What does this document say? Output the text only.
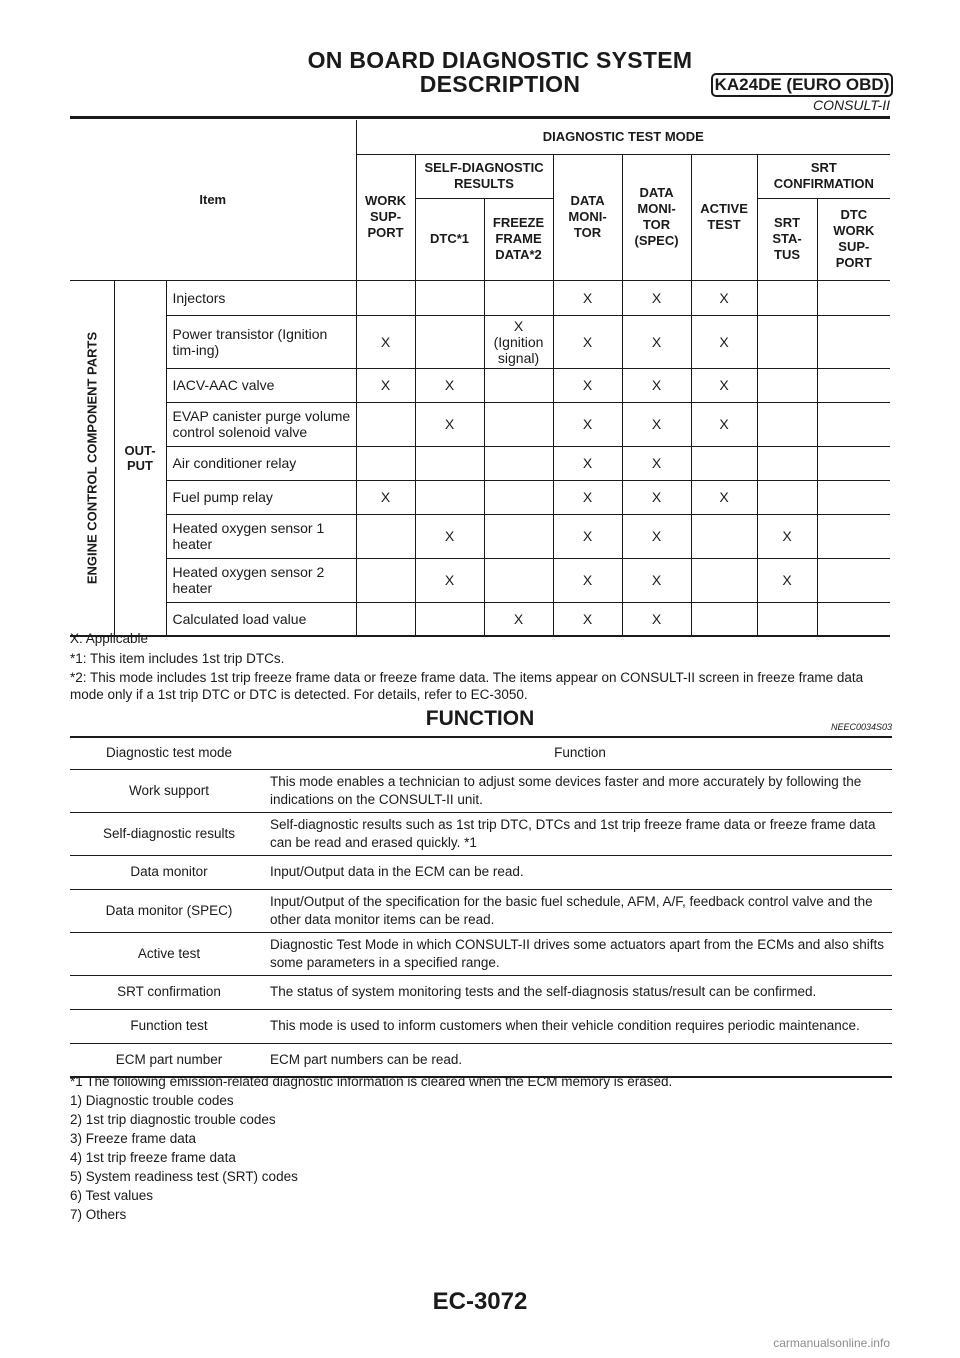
ON BOARD DIAGNOSTIC SYSTEM
DESCRIPTION	KA24DE (EURO OBD)
CONSULT-II
Item			DIAGNOSTIC TEST MODE							
			WORK SUP-PORT	SELF-DIAGNOSTIC RESULTS		DATA MONI-TOR	DATA MONI-TOR (SPEC)	ACTIVE TEST	SRT CONFIRMATION	
				DTC*1	FREEZE FRAME DATA*2				SRT STA-TUS	DTC WORK SUP-PORT

ENGINE CONTROL COMPONENT PARTS	OUT-PUT	Injectors				X	X	X		
		Power transistor (Ignition tim-ing)	X		X (Ignition signal)	X	X	X		
		IACV-AAC valve	X	X		X	X	X		
		EVAP canister purge volume control solenoid valve		X		X	X	X		
		Air conditioner relay				X	X			
		Fuel pump relay	X			X	X	X		
		Heated oxygen sensor 1 heater		X		X	X		X	
		Heated oxygen sensor 2 heater		X		X	X		X	
		Calculated load value			X	X	X			
X: Applicable
*1: This item includes 1st trip DTCs.
*2: This mode includes 1st trip freeze frame data or freeze frame data. The items appear on CONSULT-II screen in freeze frame data mode only if a 1st trip DTC or DTC is detected. For details, refer to EC-3050.
FUNCTION	NEEC0034S03
Diagnostic test mode	Function
Work support	This mode enables a technician to adjust some devices faster and more accurately by following the indications on the CONSULT-II unit.
Self-diagnostic results	Self-diagnostic results such as 1st trip DTC, DTCs and 1st trip freeze frame data or freeze frame data can be read and erased quickly. *1
Data monitor	Input/Output data in the ECM can be read.
Data monitor (SPEC)	Input/Output of the specification for the basic fuel schedule, AFM, A/F, feedback control valve and the other data monitor items can be read.
Active test	Diagnostic Test Mode in which CONSULT-II drives some actuators apart from the ECMs and also shifts some parameters in a specified range.
SRT confirmation	The status of system monitoring tests and the self-diagnosis status/result can be confirmed.
Function test	This mode is used to inform customers when their vehicle condition requires periodic maintenance.
ECM part number	ECM part numbers can be read.
*1 The following emission-related diagnostic information is cleared when the ECM memory is erased.
1) Diagnostic trouble codes
2) 1st trip diagnostic trouble codes
3) Freeze frame data
4) 1st trip freeze frame data
5) System readiness test (SRT) codes
6) Test values
7) Others
EC-3072
carmanualsonline.info
